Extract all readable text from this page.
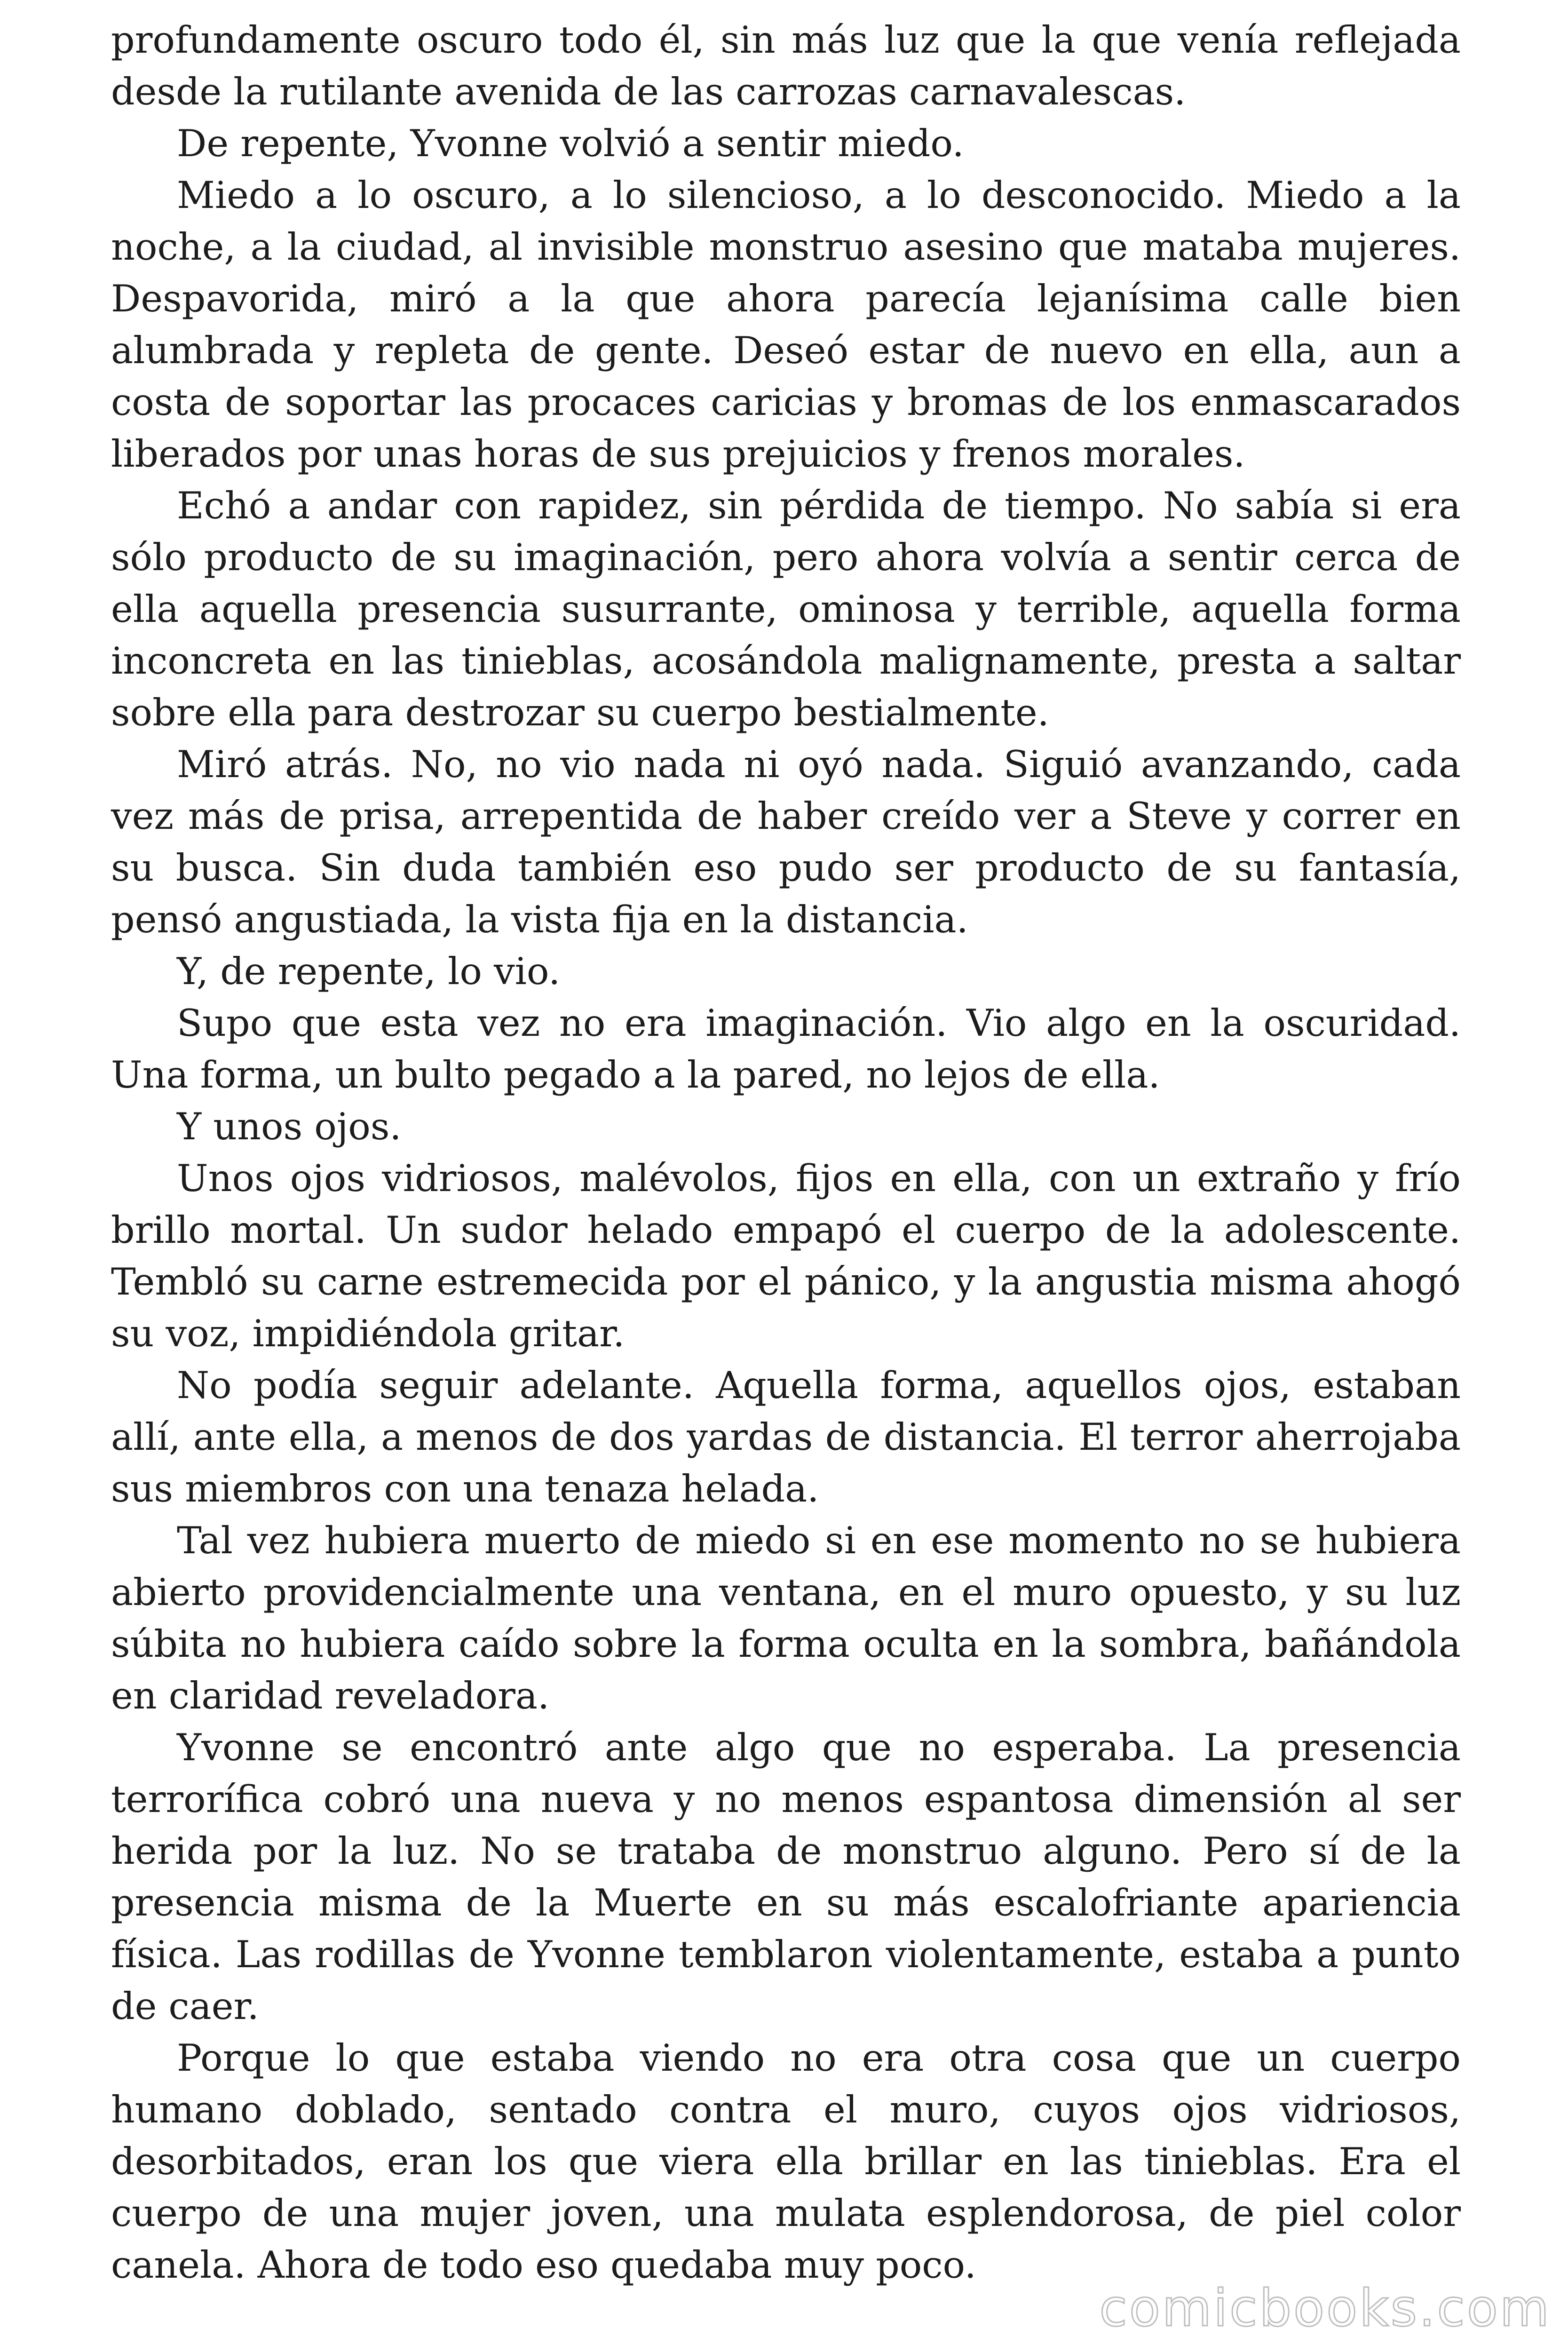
profundamente oscuro todo él, sin más luz que la que venía reflejada desde la rutilante avenida de las carrozas carnavalescas.

De repente, Yvonne volvió a sentir miedo.

Miedo a lo oscuro, a lo silencioso, a lo desconocido. Miedo a la noche, a la ciudad, al invisible monstruo asesino que mataba mujeres. Despavorida, miró a la que ahora parecía lejanísima calle bien alumbrada y repleta de gente. Deseó estar de nuevo en ella, aun a costa de soportar las procaces caricias y bromas de los enmascarados liberados por unas horas de sus prejuicios y frenos morales.

Echó a andar con rapidez, sin pérdida de tiempo. No sabía si era sólo producto de su imaginación, pero ahora volvía a sentir cerca de ella aquella presencia susurrante, ominosa y terrible, aquella forma inconcreta en las tinieblas, acosándola malignamente, presta a saltar sobre ella para destrozar su cuerpo bestialmente.

Miró atrás. No, no vio nada ni oyó nada. Siguió avanzando, cada vez más de prisa, arrepentida de haber creído ver a Steve y correr en su busca. Sin duda también eso pudo ser producto de su fantasía, pensó angustiada, la vista fija en la distancia.

Y, de repente, lo vio.

Supo que esta vez no era imaginación. Vio algo en la oscuridad. Una forma, un bulto pegado a la pared, no lejos de ella.

Y unos ojos.

Unos ojos vidriosos, malévolos, fijos en ella, con un extraño y frío brillo mortal. Un sudor helado empapó el cuerpo de la adolescente. Tembló su carne estremecida por el pánico, y la angustia misma ahogó su voz, impidiéndola gritar.

No podía seguir adelante. Aquella forma, aquellos ojos, estaban allí, ante ella, a menos de dos yardas de distancia. El terror aherrojaba sus miembros con una tenaza helada.

Tal vez hubiera muerto de miedo si en ese momento no se hubiera abierto providencialmente una ventana, en el muro opuesto, y su luz súbita no hubiera caído sobre la forma oculta en la sombra, bañándola en claridad reveladora.

Yvonne se encontró ante algo que no esperaba. La presencia terrorífica cobró una nueva y no menos espantosa dimensión al ser herida por la luz. No se trataba de monstruo alguno. Pero sí de la presencia misma de la Muerte en su más escalofriante apariencia física. Las rodillas de Yvonne temblaron violentamente, estaba a punto de caer.

Porque lo que estaba viendo no era otra cosa que un cuerpo humano doblado, sentado contra el muro, cuyos ojos vidriosos, desorbitados, eran los que viera ella brillar en las tinieblas. Era el cuerpo de una mujer joven, una mulata esplendorosa, de piel color canela. Ahora de todo eso quedaba muy poco.

comicbooks.com
